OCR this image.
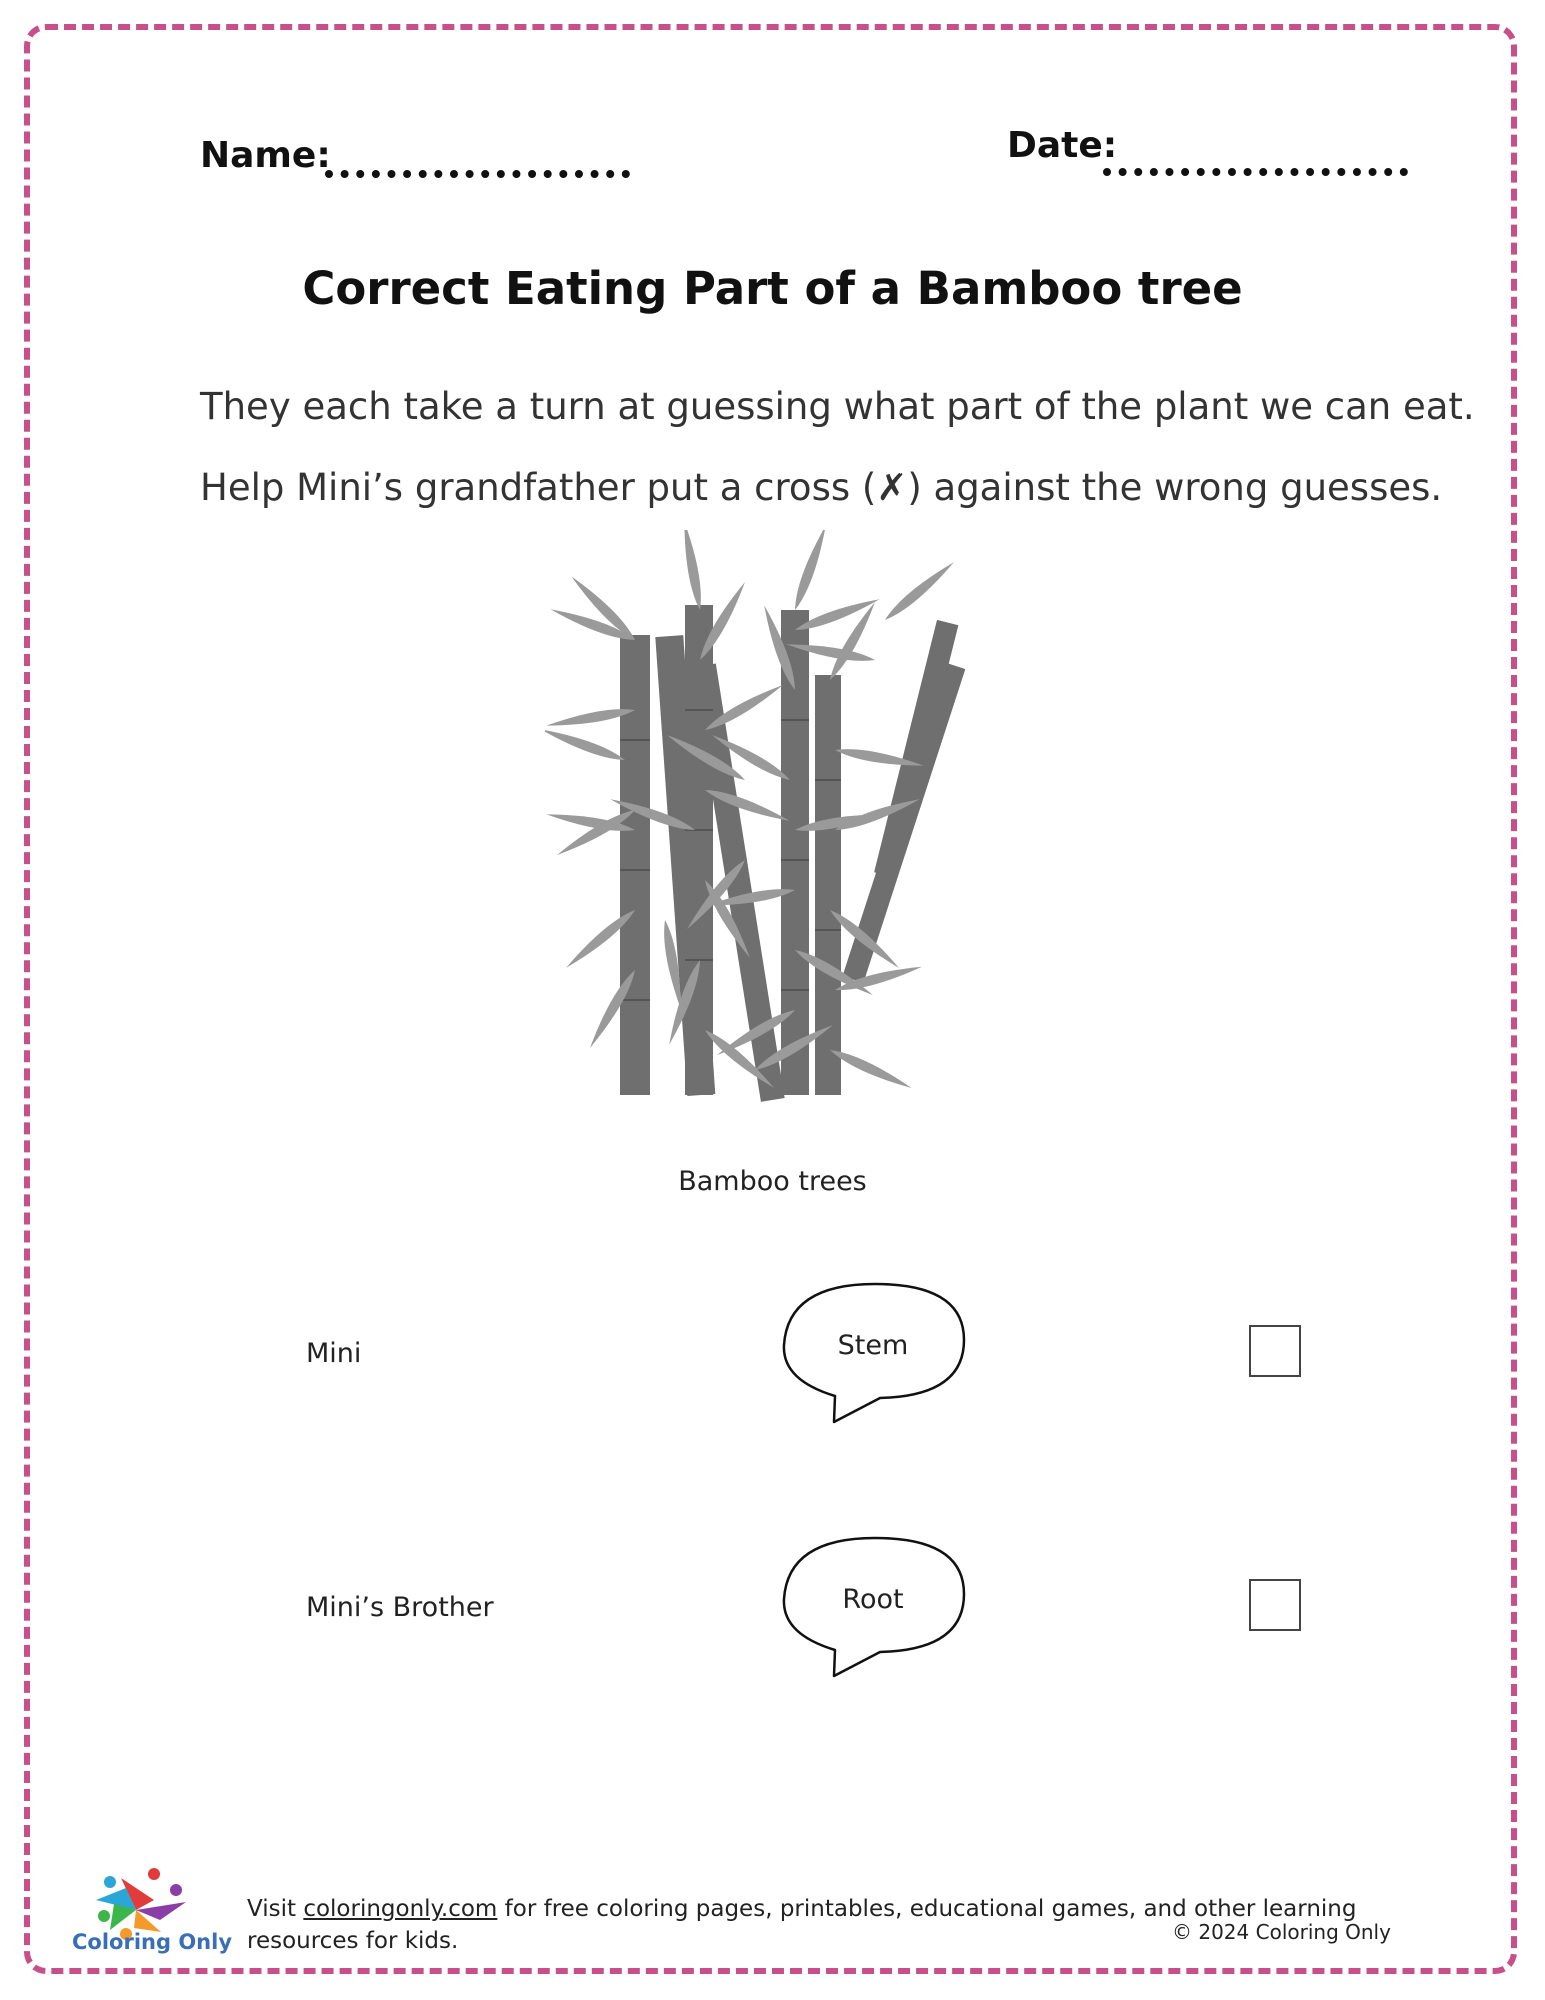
Name:	Date:
Correct Eating Part of a Bamboo tree
They each take a turn at guessing what part of the plant we can eat.
Help Mini’s grandfather put a cross (✗) against the wrong guesses.
Bamboo trees
Mini	Stem
Mini’s Brother	Root
Coloring Only
Visit coloringonly.com for free coloring pages, printables, educational games, and other learning resources for kids.	© 2024 Coloring Only
